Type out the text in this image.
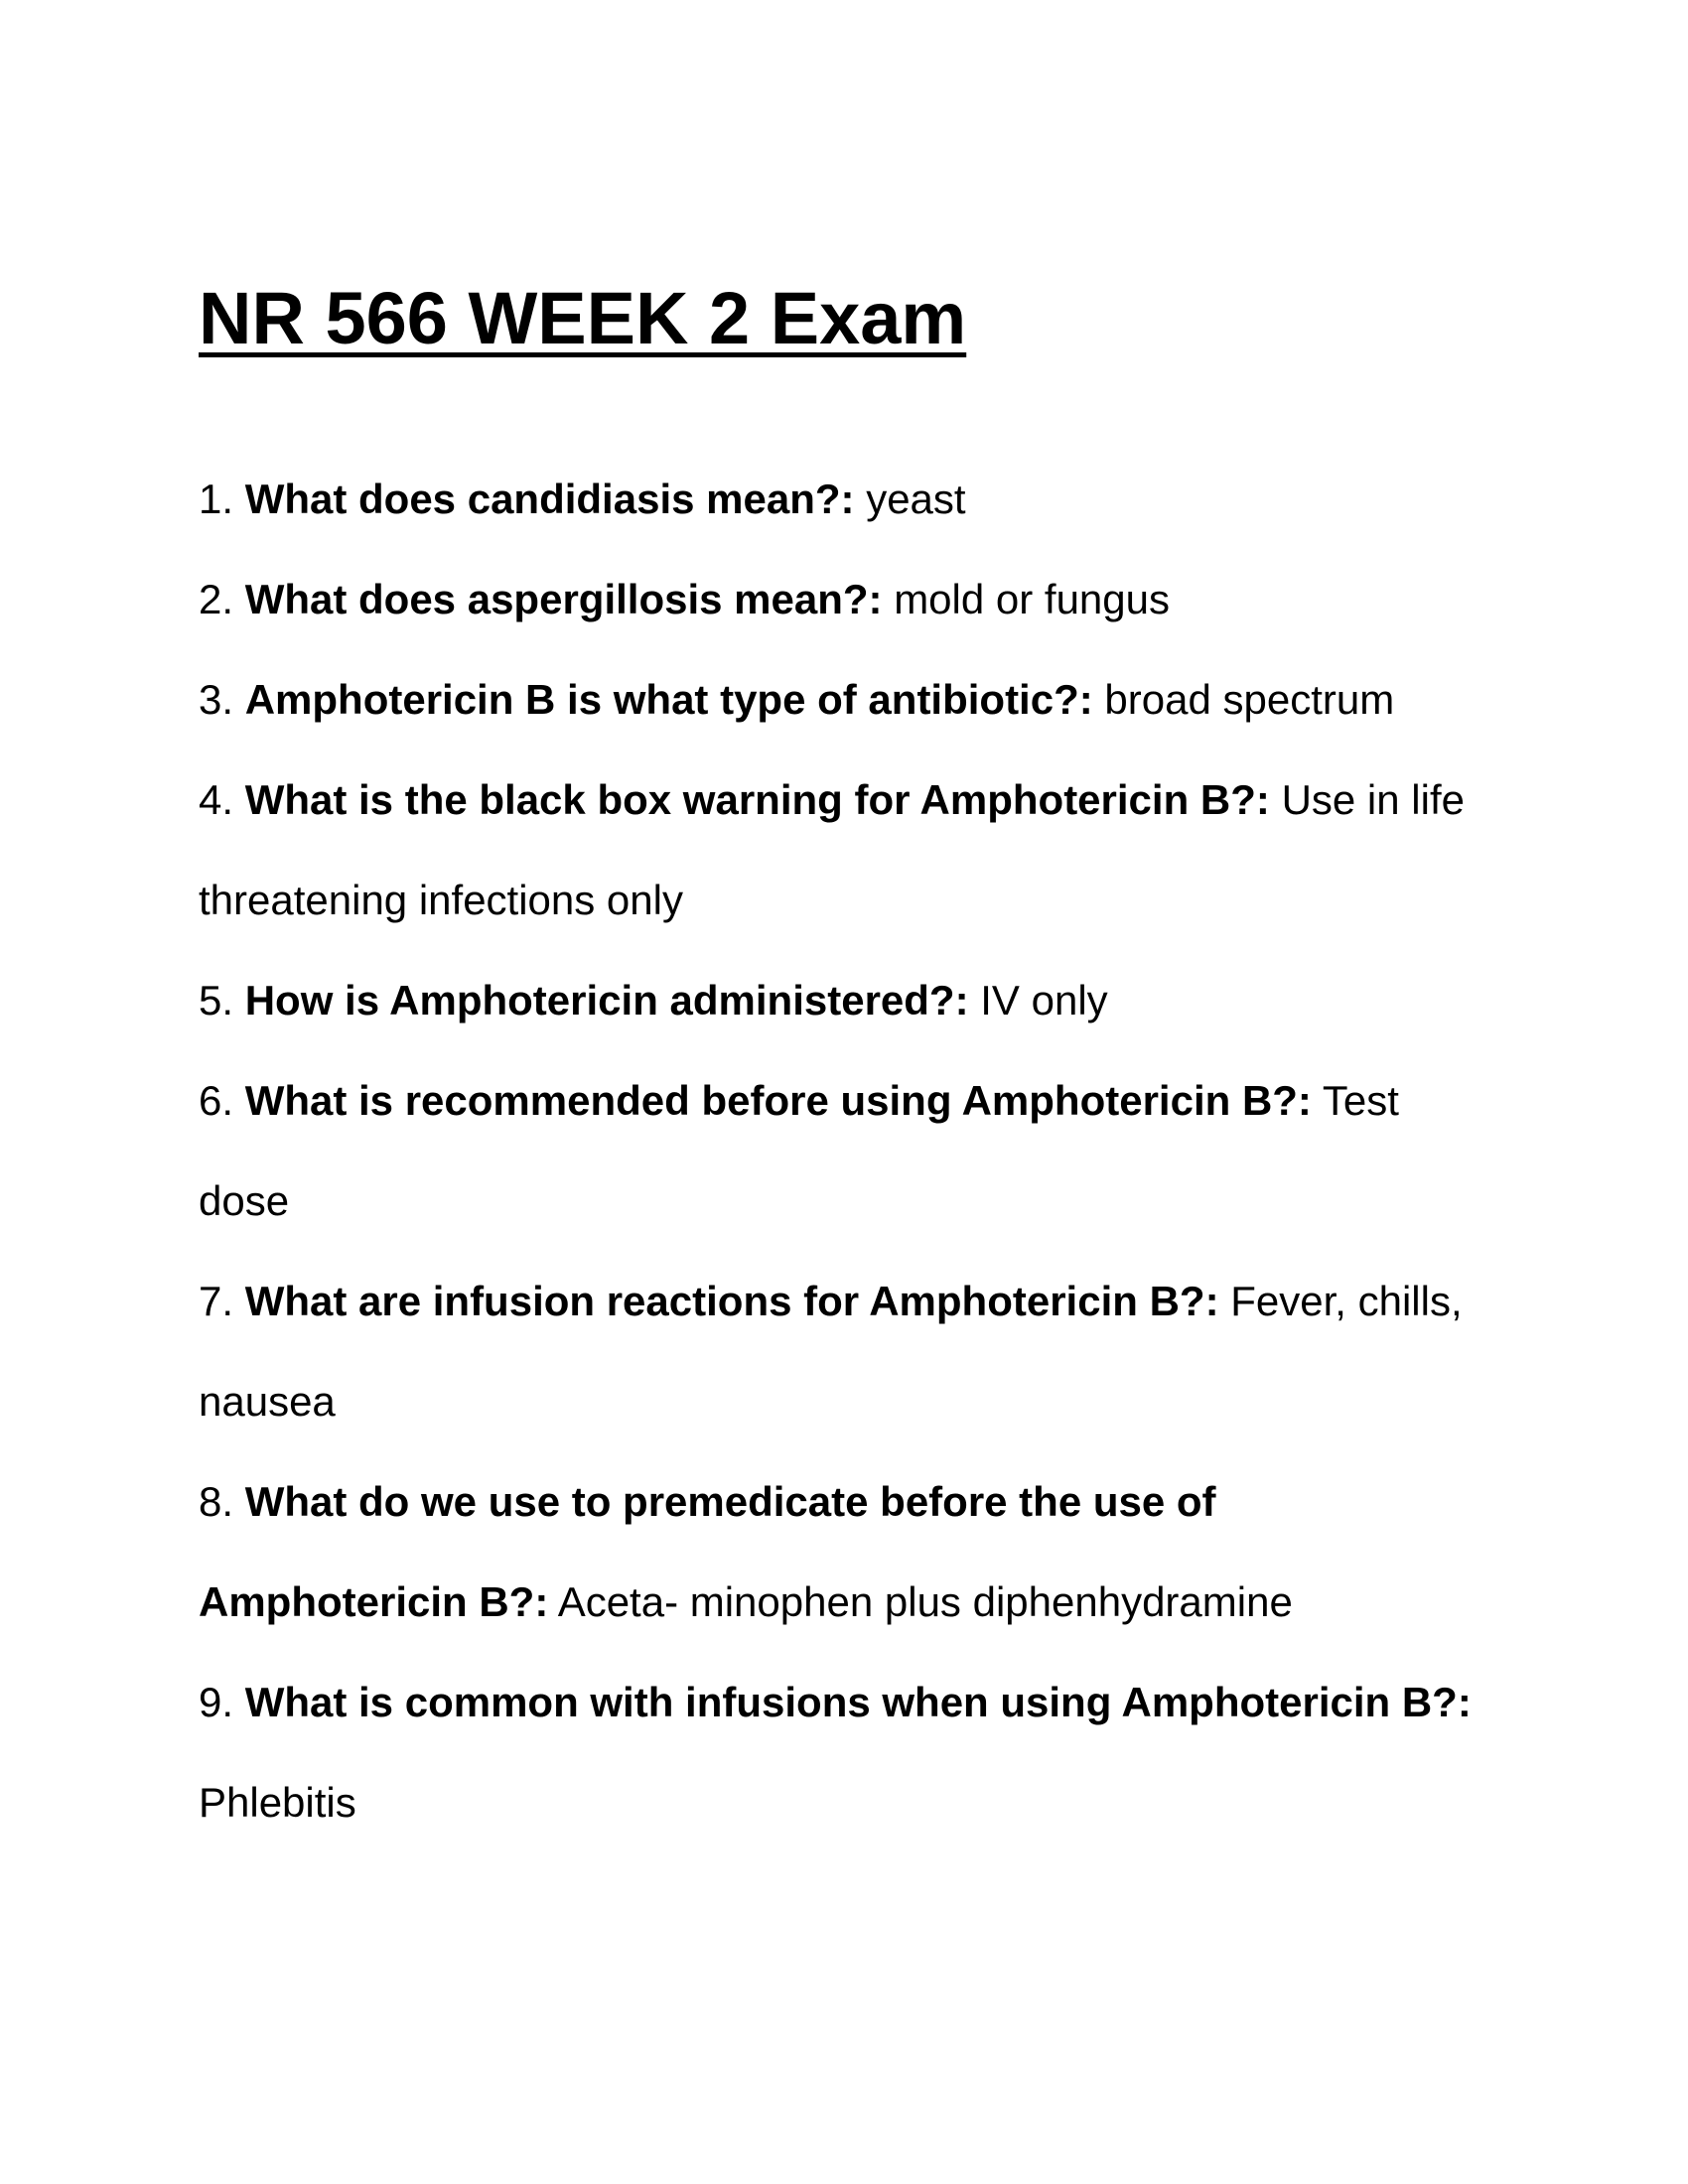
NR 566 WEEK 2 Exam
1. What does candidiasis mean?: yeast
2. What does aspergillosis mean?: mold or fungus
3. Amphotericin B is what type of antibiotic?: broad spectrum
4. What is the black box warning for Amphotericin B?: Use in life threatening infections only
5. How is Amphotericin administered?: IV only
6. What is recommended before using Amphotericin B?: Test dose
7. What are infusion reactions for Amphotericin B?: Fever, chills, nausea
8. What do we use to premedicate before the use of Amphotericin B?: Aceta- minophen plus diphenhydramine
9. What is common with infusions when using Amphotericin B?: Phlebitis
